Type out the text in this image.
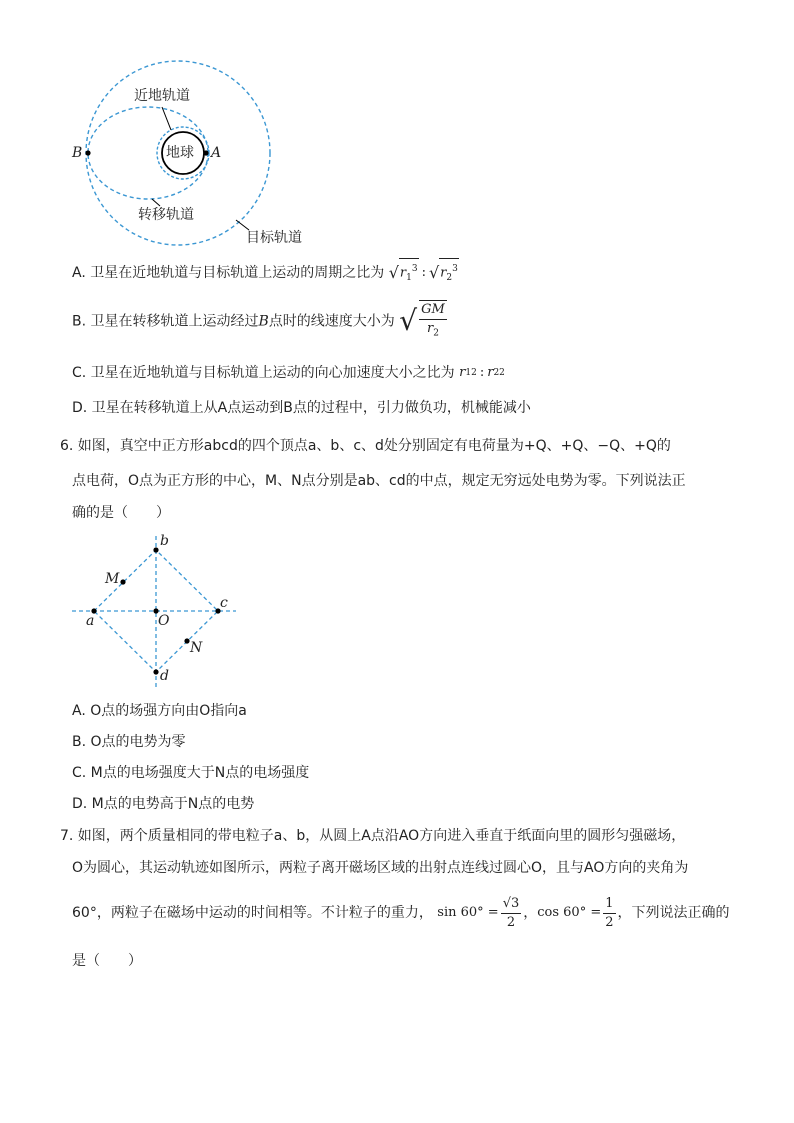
近地轨道
地球
B	A
转移轨道
目标轨道
A. 卫星在近地轨道与目标轨道上运动的周期之比为 √ $r_1^3$ : √ $r_2^3$
B. 卫星在转移轨道上运动经过B点时的线速度大小为 √ $\frac{GM}{r_2}$
C. 卫星在近地轨道与目标轨道上运动的向心加速度大小之比为 r 1 2 : r 2 2
D. 卫星在转移轨道上从A点运动到B点的过程中，引力做负功，机械能减小
6. 如图，真空中正方形abcd的四个顶点a、b、c、d处分别固定有电荷量为+Q、+Q、−Q、+Q的
点电荷，O点为正方形的中心，M、N点分别是ab、cd的中点，规定无穷远处电势为零。下列说法正
确的是（　　）
b
M
a	O
c
N
d
A. O点的场强方向由O指向a
B. O点的电势为零
C. M点的电场强度大于N点的电场强度
D. M点的电势高于N点的电势
7. 如图，两个质量相同的带电粒子a、b，从圆上A点沿AO方向进入垂直于纸面向里的圆形匀强磁场，
O为圆心，其运动轨迹如图所示，两粒子离开磁场区域的出射点连线过圆心O，且与AO方向的夹角为
60°，两粒子在磁场中运动的时间相等。不计粒子的重力， $\sin 60^\circ = \frac{√3}{2}$ ， $\cos 60^\circ = \frac{1}{2}$ ，下列说法正确的
是（　　）
